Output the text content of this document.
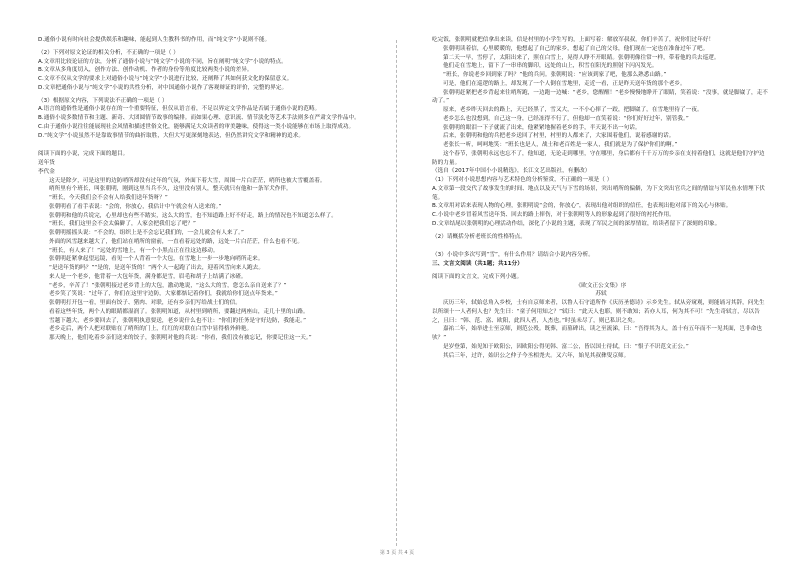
D.通俗小说有时向社会提供娱乐和趣味，能起到人生教科书的作用，而“纯文学”小说则不能。
（2）下列对原文论证的相关分析，不正确的一项是（ ）
A.文章用比较论证的方法，分析了通俗小说与“纯文学”小说的不同，旨在阐明“纯文学”小说的特点。
B.文章从多角度切入，创作方法、创作动机、作者的身份等角度比较两类小说的差异。
C.文章不仅从文学的要求上对通俗小说与“纯文学”小说进行比较，还阐释了其如何获文化的保留意义。
D.文章把通俗小说与“纯文学”小说的共性分析，对中国通俗小说作了客观辩证的评价，完整的界定。
（3）根据原文内容，下列说法不正确的一项是（ ）
A.语言的通俗性是通俗小说存在的一个重要特征，但仅从语言看，不足以界定文学作品是否属于通俗小说的范畴。
B.通俗小说多数情节和主题、新奇、大团圆情节故事的编排。而如果心理、意识流、情节淡化等艺术手法则多在严肃文学作品中。
C.由于通俗小说往往能展现社会风情和描述世俗文化，能够满足大众读者的审美趣味，使得这一类小说能够在市场上取得成功。
D.“纯文学”小说虽然不是靠故事情节的曲折取胜，大但大写更深刻地表达，但仍然讲究文学和精神的追求。
阅读下面的小说，完成下面的题目。
送年货
李代金
这天是除夕，可是这里的边防哨所却没有过年的气氛，外面下着大雪，周围一片白茫茫，哨所也被大雪覆盖着。
哨所里有个班长，叫张朝明，刚到这里当兵不久，这里没有别人，整天就只有他和一条军犬作伴。
“班长，今天我们会不会有人给我们送年货呀？”
张朝明看了看手表说：“会的，你放心，我估计中午就会有人送来的。”
张朝明和他的兵说完，心里却也有些不踏实，这么大的雪，也不知道路上好不好走，路上的情况也不知道怎么样了。
“班长，我们这里会不会太偏僻了，人家会把我们忘了吧？”
张朝明摇摇头说：“不会的，组织上是不会忘记我们的，一会儿就会有人来了。”
外面的风雪越来越大了，他们站在哨所的窗前，一直看着远处的路，远处一片白茫茫，什么也看不见。
“班长，有人来了！”远处的雪地上，有一个小黑点正在往这边移动。
张朝明赶紧拿起望远镜，看见一个人背着一个大包，在雪地上一步一步地向哨所走来。
“是送年货的吗？”“是的，是送年货的！”两个人一起跑了出去，迎着风雪向来人跑去。
来人是一个老乡，他背着一大包年货，满身都是雪，眉毛和胡子上结满了冰碴。
“老乡，辛苦了！”张朝明接过老乡背上的大包，激动地说，“这么大的雪，您怎么亲自送来了？”
老乡笑了笑说：“过年了，你们在这里守边防，大家都惦记着你们，我就给你们送点年货来。”
张朝明打开包一看，里面有饺子、猪肉、对联，还有乡亲们写给战士们的信。
看着这些年货，两个人的眼睛都湿润了。张朝明知道，从村里到哨所，要翻过两座山，走几十里的山路。
雪越下越大，老乡要回去了，张朝明执意要送，老乡说什么也不让：“你们的任务是守好边防，我能走。”
老乡走后，两个人把对联贴在了哨所的门上，红红的对联在白雪中显得格外鲜艳。
那天晚上，他们吃着乡亲们送来的饺子，张朝明对他的兵说：“你看，我们没有被忘记，你要记住这一天。”
吃完饭，张朝明就把信拿出来读，信是村里的小学生写的，上面写着：解放军叔叔，你们辛苦了，祝你们过年好！
张朝明读着信，心里暖暖的，他想起了自己的家乡，想起了自己的父母，他们现在一定也在准备过年了吧。
第二天一早，雪停了，太阳出来了，照在白雪上，晃得人睁不开眼睛。张朝明像往常一样，带着他的兵去巡逻。
他们走在雪地上，留下了一串串的脚印，远处的山上，积雪在阳光的照射下闪闪发光。
“班长，你说老乡回到家了吗？”他的兵问。张朝明说：“应该到家了吧，他那么熟悉山路。”
可是，他们在巡逻的路上，却发现了一个人倒在雪地里，走近一看，正是昨天送年货的那个老乡。
张朝明赶紧把老乡背起来往哨所跑，一边跑一边喊：“老乡，您醒醒！”老乡慢慢地睁开了眼睛，笑着说：“没事，就是脚崴了，走不动了。”
原来，老乡昨天回去的路上，天已经黑了，雪又大，一不小心摔了一跤，把脚崴了，在雪地里待了一夜。
老乡怎么也没想到，自己这一身，已经冻得不行了，但他却一直笑着说：“你们好好过年，别管我。”
张朝明的眼泪一下子就流了出来，他紧紧地握着老乡的手，半天说不出一句话。
后来，张朝明和他的兵把老乡送回了村里，村里的人都来了，大家围着他们，说着感谢的话。
老张长一听，呵呵地笑：“班长也是人，战士和老百姓是一家人，我们就是为了保护你们的啊。”
这个春节，张朝明永远也忘不了，他知道，无论走到哪里，守在哪里，身后都有千千万万的乡亲在支持着他们，这就是他们守护边防的力量。
（选自《2017年中国小小说精选》，长江文艺出版社，有删改）
（1）下列对小说思想内容与艺术特色的分析鉴赏，不正确的一项是（ ）
A.文章第一段交代了故事发生的时间、地点以及天气与下雪的场景，突出哨所的偏僻，为下文突出官兵之间的情谊与军民鱼水情埋下伏笔。
B.文章用对话来表现人物的心理，张朝明说“会的，你放心”，表现出他对组织的信任，也表现出他对部下的关心与体贴。
C.小说中老乡冒着风雪送年货、回去的路上摔伤，对于张朝明等人的形象起到了很好的衬托作用。
D.文章结尾以张朝明的心理活动作结，深化了小说的主题，表现了军民之间的深厚情谊，给读者留下了深刻的印象。
（2）请概括分析老班长的性格特点。
（3）小说中多次写到“雪”，有什么作用？请结合小说内容分析。
三、文言文阅读（共1题；共11分）
阅读下面的文言文，完成下列小题。
《欧文正公文集》序
苏轼
庆历三年，轼始总角入乡校，士有自京师来者，以鲁人石守道所作《庆历圣德诗》示乡先生。轼从旁窥观，则能诵习其辞，问先生以所颂十一人者何人也？先生曰：“童子何用知之？”轼曰：“此天人也耶，则不敢知；若亦人耳，何为其不可！”先生奇轼言，尽以告之，且曰：“韩、范、富、欧阳，此四人者，人杰也。”时虽未尽了，则已私识之矣。
嘉祐二年，始举进士至京师，则范公殁。既葬，而墓碑出，读之至流涕，曰：“吾得其为人，盖十有五年而不一见其面，岂非命也欤？”
是岁登第，始见知于欧阳公，因欧阳公得见韩、富二公，皆以国士待轼，曰：“恨子不识范文正公。”
其后三年，过许，始识公之仲子今丞相尧夫。又六年，始见其叔彝叟京师。
第 3 页 共 4 页
